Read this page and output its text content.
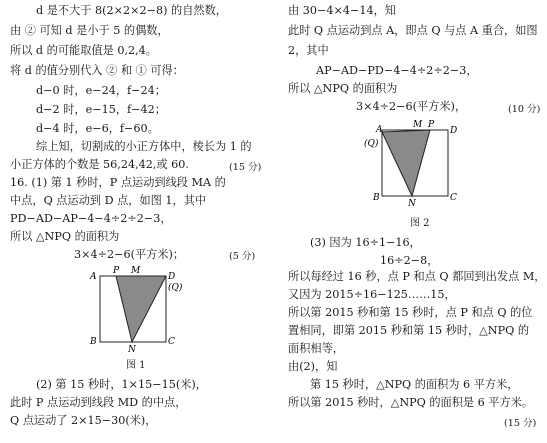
d 是不大于 8(2×2×2−8) 的自然数，
由 ② 可知 d 是小于 5 的偶数，
所以 d 的可能取值是 0,2,4。
将 d 的值分别代入 ② 和 ① 可得：
d−0 时，e−24，f−24；
d−2 时，e−15，f−42；
d−4 时，e−6，f−60。
综上知，切割成的小正方体中，棱长为 1 的
小正方体的个数是 56,24,42,或 60.	(15 分)
16. (1) 第 1 秒时，P 点运动到线段 MA 的
中点，Q 点运动到 D 点，如图 1，其中
PD−AD−AP−4−4÷2÷2−3，
所以 △NPQ 的面积为
3×4÷2−6(平方米)；	(5 分)
A
P M
D
(Q)
B
N
C
图 1
(2) 第 15 秒时，1×15−15(米)，
此时 P 点运动到线段 MD 的中点，
Q 点运动了 2×15−30(米)，
由 30−4×4−14，知
此时 Q 点运动到点 A，即点 Q 与点 A 重合，如图
2，其中
AP−AD−PD−4−4÷2÷2−3，
所以 △NPQ 的面积为
3×4÷2−6(平方米)，	(10 分)
A
(Q)
M P
D
B
N
C
图 2
(3) 因为 16÷1−16，
16÷2−8，
所以每经过 16 秒，点 P 和点 Q 都回到出发点 M，
又因为 2015÷16−125……15，
所以第 2015 秒和第 15 秒时，点 P 和点 Q 的位
置相同，即第 2015 秒和第 15 秒时，△NPQ 的
面积相等，
由(2)，知
第 15 秒时，△NPQ 的面积为 6 平方米，
所以第 2015 秒时，△NPQ 的面积是 6 平方米。
(15 分)
